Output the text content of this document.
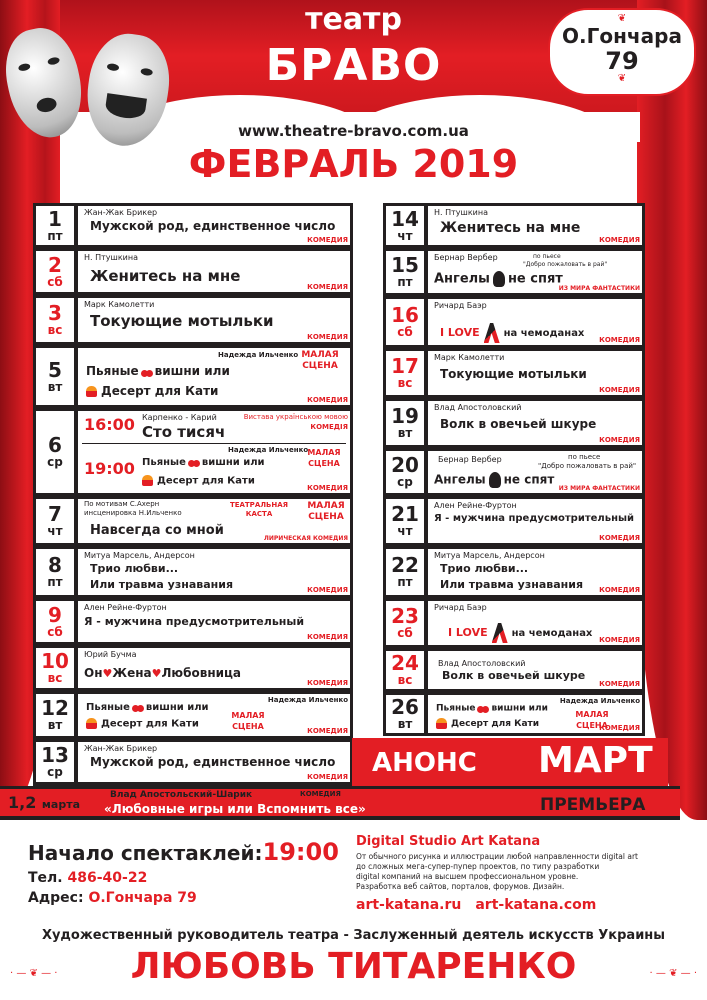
театр
БРАВО
❦
О.Гончара
79
❦
www.theatre-bravo.com.ua
ФЕВРАЛЬ 2019
1
пт
Жан-Жак Брикер
Мужской род, единственное число
КОМЕДИЯ
2
сб
Н. Птушкина
Женитесь на мне
КОМЕДИЯ
3
вс
Марк Камолетти
Токующие мотыльки
КОМЕДИЯ
5
вт
Надежда Ильченко
Пьяные вишни или
Десерт для Кати
МАЛАЯ СЦЕНА
КОМЕДИЯ
6
ср
16:00 Карпенко - Карий
Сто тисяч
Вистава українською мовою
КОМЕДІЯ
19:00
Надежда Ильченко
Пьяные вишни или
Десерт для Кати
МАЛАЯ СЦЕНА
КОМЕДИЯ
7
чт
По мотивам С.Ахерн
инсценировка Н.Ильченко
ТЕАТРАЛЬНАЯ КАСТА
МАЛАЯ СЦЕНА
Навсегда со мной
ЛИРИЧЕСКАЯ КОМЕДИЯ
8
пт
Митуа Марсель, Андерсон
Трио любви...
Или травма узнавания	КОМЕДИЯ
9
сб
Ален Рейне-Фуртон
Я - мужчина предусмотрительный
КОМЕДИЯ
10
вс
Юрий Бучма
Он♥Жена♥Любовница
КОМЕДИЯ
12
вт
Надежда Ильченко
Пьяные вишни или
Десерт для Кати
МАЛАЯ СЦЕНА	КОМЕДИЯ
13
ср
Жан-Жак Брикер
Мужской род, единственное число
КОМЕДИЯ
14
чт
Н. Птушкина
Женитесь на мне
КОМЕДИЯ
15
пт
Бернар Вербер	по пьесе
"Добро пожаловать в рай"
Ангелы не спят
ИЗ МИРА ФАНТАСТИКИ
16
сб
Ричард Баэр
I LOVE на чемоданах
КОМЕДИЯ
17
вс
Марк Камолетти
Токующие мотыльки
КОМЕДИЯ
19
вт
Влад Апостоловский
Волк в овечьей шкуре
КОМЕДИЯ
20
ср
Бернар Вербер	по пьесе
"Добро пожаловать в рай"
Ангелы не спят
ИЗ МИРА ФАНТАСТИКИ
21
чт
Ален Рейне-Фуртон
Я - мужчина предусмотрительный
КОМЕДИЯ
22
пт
Митуа Марсель, Андерсон
Трио любви...
Или травма узнавания КОМЕДИЯ
23
сб
Ричард Баэр
I LOVE на чемоданах
КОМЕДИЯ
24
вс
Влад Апостоловский
Волк в овечьей шкуре
КОМЕДИЯ
26
вт
Надежда Ильченко
Пьяные вишни или
Десерт для Кати
МАЛАЯ СЦЕНА
КОМЕДИЯ
АНОНС МАРТ
1,2 марта
Влад Апостольский-Шарик	КОМЕДИЯ
«Любовные игры или Вспомнить все»	ПРЕМЬЕРА
Начало спектаклей:19:00
Тел. 486-40-22
Адрес: О.Гончара 79
Digital Studio Art Katana
От обычного рисунка и иллюстрации любой направленности digital art
до сложных мега-супер-пупер проектов, по типу разработки
digital компаний на высшем профессиональном уровне.
Разработка веб сайтов, порталов, форумов. Дизайн.
art-katana.ru art-katana.com
Художественный руководитель театра - Заслуженный деятель искусств Украины
ЛЮБОВЬ ТИТАРЕНКО
· — ❦ — ·	· — ❦ — ·
